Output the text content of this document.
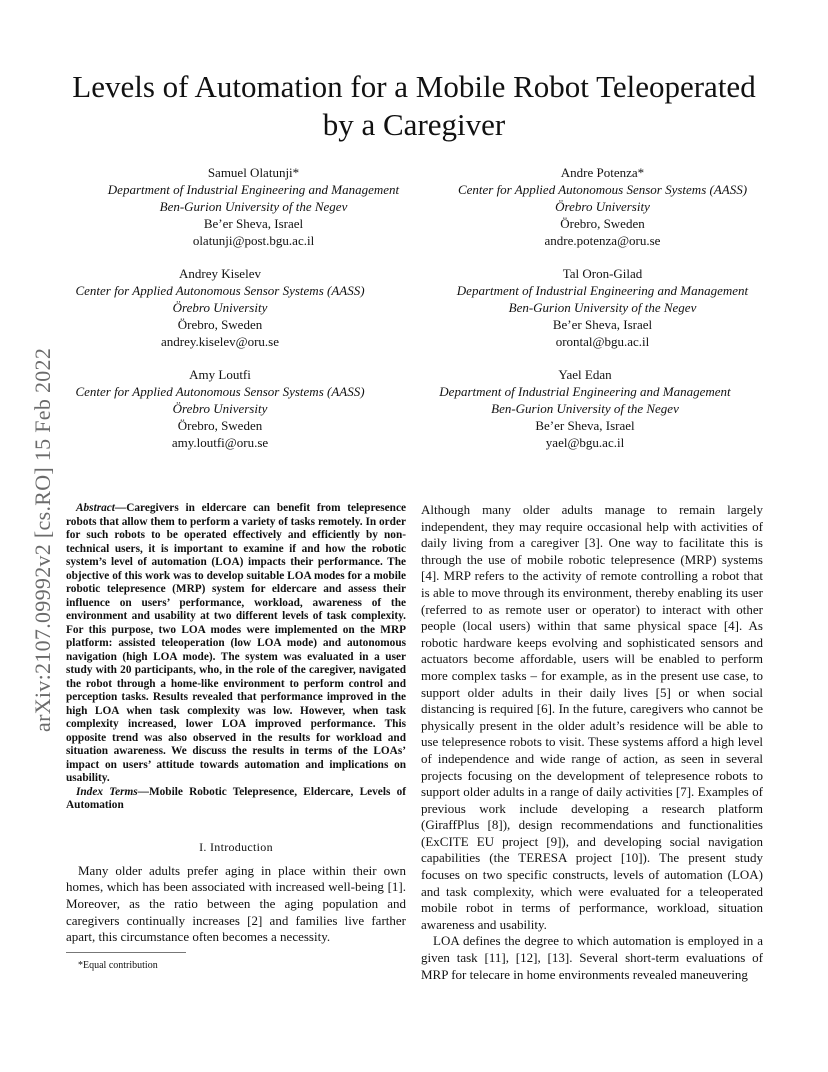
Levels of Automation for a Mobile Robot Teleoperated by a Caregiver
Samuel Olatunji*
Department of Industrial Engineering and Management
Ben-Gurion University of the Negev
Be’er Sheva, Israel
olatunji@post.bgu.ac.il
Andre Potenza*
Center for Applied Autonomous Sensor Systems (AASS)
Örebro University
Örebro, Sweden
andre.potenza@oru.se
Andrey Kiselev
Center for Applied Autonomous Sensor Systems (AASS)
Örebro University
Örebro, Sweden
andrey.kiselev@oru.se
Tal Oron-Gilad
Department of Industrial Engineering and Management
Ben-Gurion University of the Negev
Be’er Sheva, Israel
orontal@bgu.ac.il
Amy Loutfi
Center for Applied Autonomous Sensor Systems (AASS)
Örebro University
Örebro, Sweden
amy.loutfi@oru.se
Yael Edan
Department of Industrial Engineering and Management
Ben-Gurion University of the Negev
Be’er Sheva, Israel
yael@bgu.ac.il
arXiv:2107.09992v2 [cs.RO] 15 Feb 2022	Abstract—Caregivers in eldercare can benefit from telepresence robots that allow them to perform a variety of tasks remotely. In order for such robots to be operated effectively and efficiently by non-technical users, it is important to examine if and how the robotic system’s level of automation (LOA) impacts their performance. The objective of this work was to develop suitable LOA modes for a mobile robotic telepresence (MRP) system for eldercare and assess their influence on users’ performance, workload, awareness of the environment and usability at two different levels of task complexity. For this purpose, two LOA modes were implemented on the MRP platform: assisted teleoperation (low LOA mode) and autonomous navigation (high LOA mode). The system was evaluated in a user study with 20 participants, who, in the role of the caregiver, navigated the robot through a home-like environment to perform control and perception tasks. Results revealed that performance improved in the high LOA when task complexity was low. However, when task complexity increased, lower LOA improved performance. This opposite trend was also observed in the results for workload and situation awareness. We discuss the results in terms of the LOAs’ impact on users’ attitude towards automation and implications on usability.

Index Terms—Mobile Robotic Telepresence, Eldercare, Levels of Automation

I. Introduction

Many older adults prefer aging in place within their own homes, which has been associated with increased well-being [1]. Moreover, as the ratio between the aging population and caregivers continually increases [2] and families live farther apart, this circumstance often becomes a necessity.

*Equal contribution

Although many older adults manage to remain largely independent, they may require occasional help with activities of daily living from a caregiver [3]. One way to facilitate this is through the use of mobile robotic telepresence (MRP) systems [4]. MRP refers to the activity of remote controlling a robot that is able to move through its environment, thereby enabling its user (referred to as remote user or operator) to interact with other people (local users) within that same physical space [4]. As robotic hardware keeps evolving and sophisticated sensors and actuators become affordable, users will be enabled to perform more complex tasks – for example, as in the present use case, to support older adults in their daily lives [5] or when social distancing is required [6]. In the future, caregivers who cannot be physically present in the older adult’s residence will be able to use telepresence robots to visit. These systems afford a high level of independence and wide range of action, as seen in several projects focusing on the development of telepresence robots to support older adults in a range of daily activities [7]. Examples of previous work include developing a research platform (GiraffPlus [8]), design recommendations and functionalities (ExCITE EU project [9]), and developing social navigation capabilities (the TERESA project [10]). The present study focuses on two specific constructs, levels of automation (LOA) and task complexity, which were evaluated for a teleoperated mobile robot in terms of performance, workload, situation awareness and usability.

LOA defines the degree to which automation is employed in a given task [11], [12], [13]. Several short-term evaluations of MRP for telecare in home environments revealed maneuvering
